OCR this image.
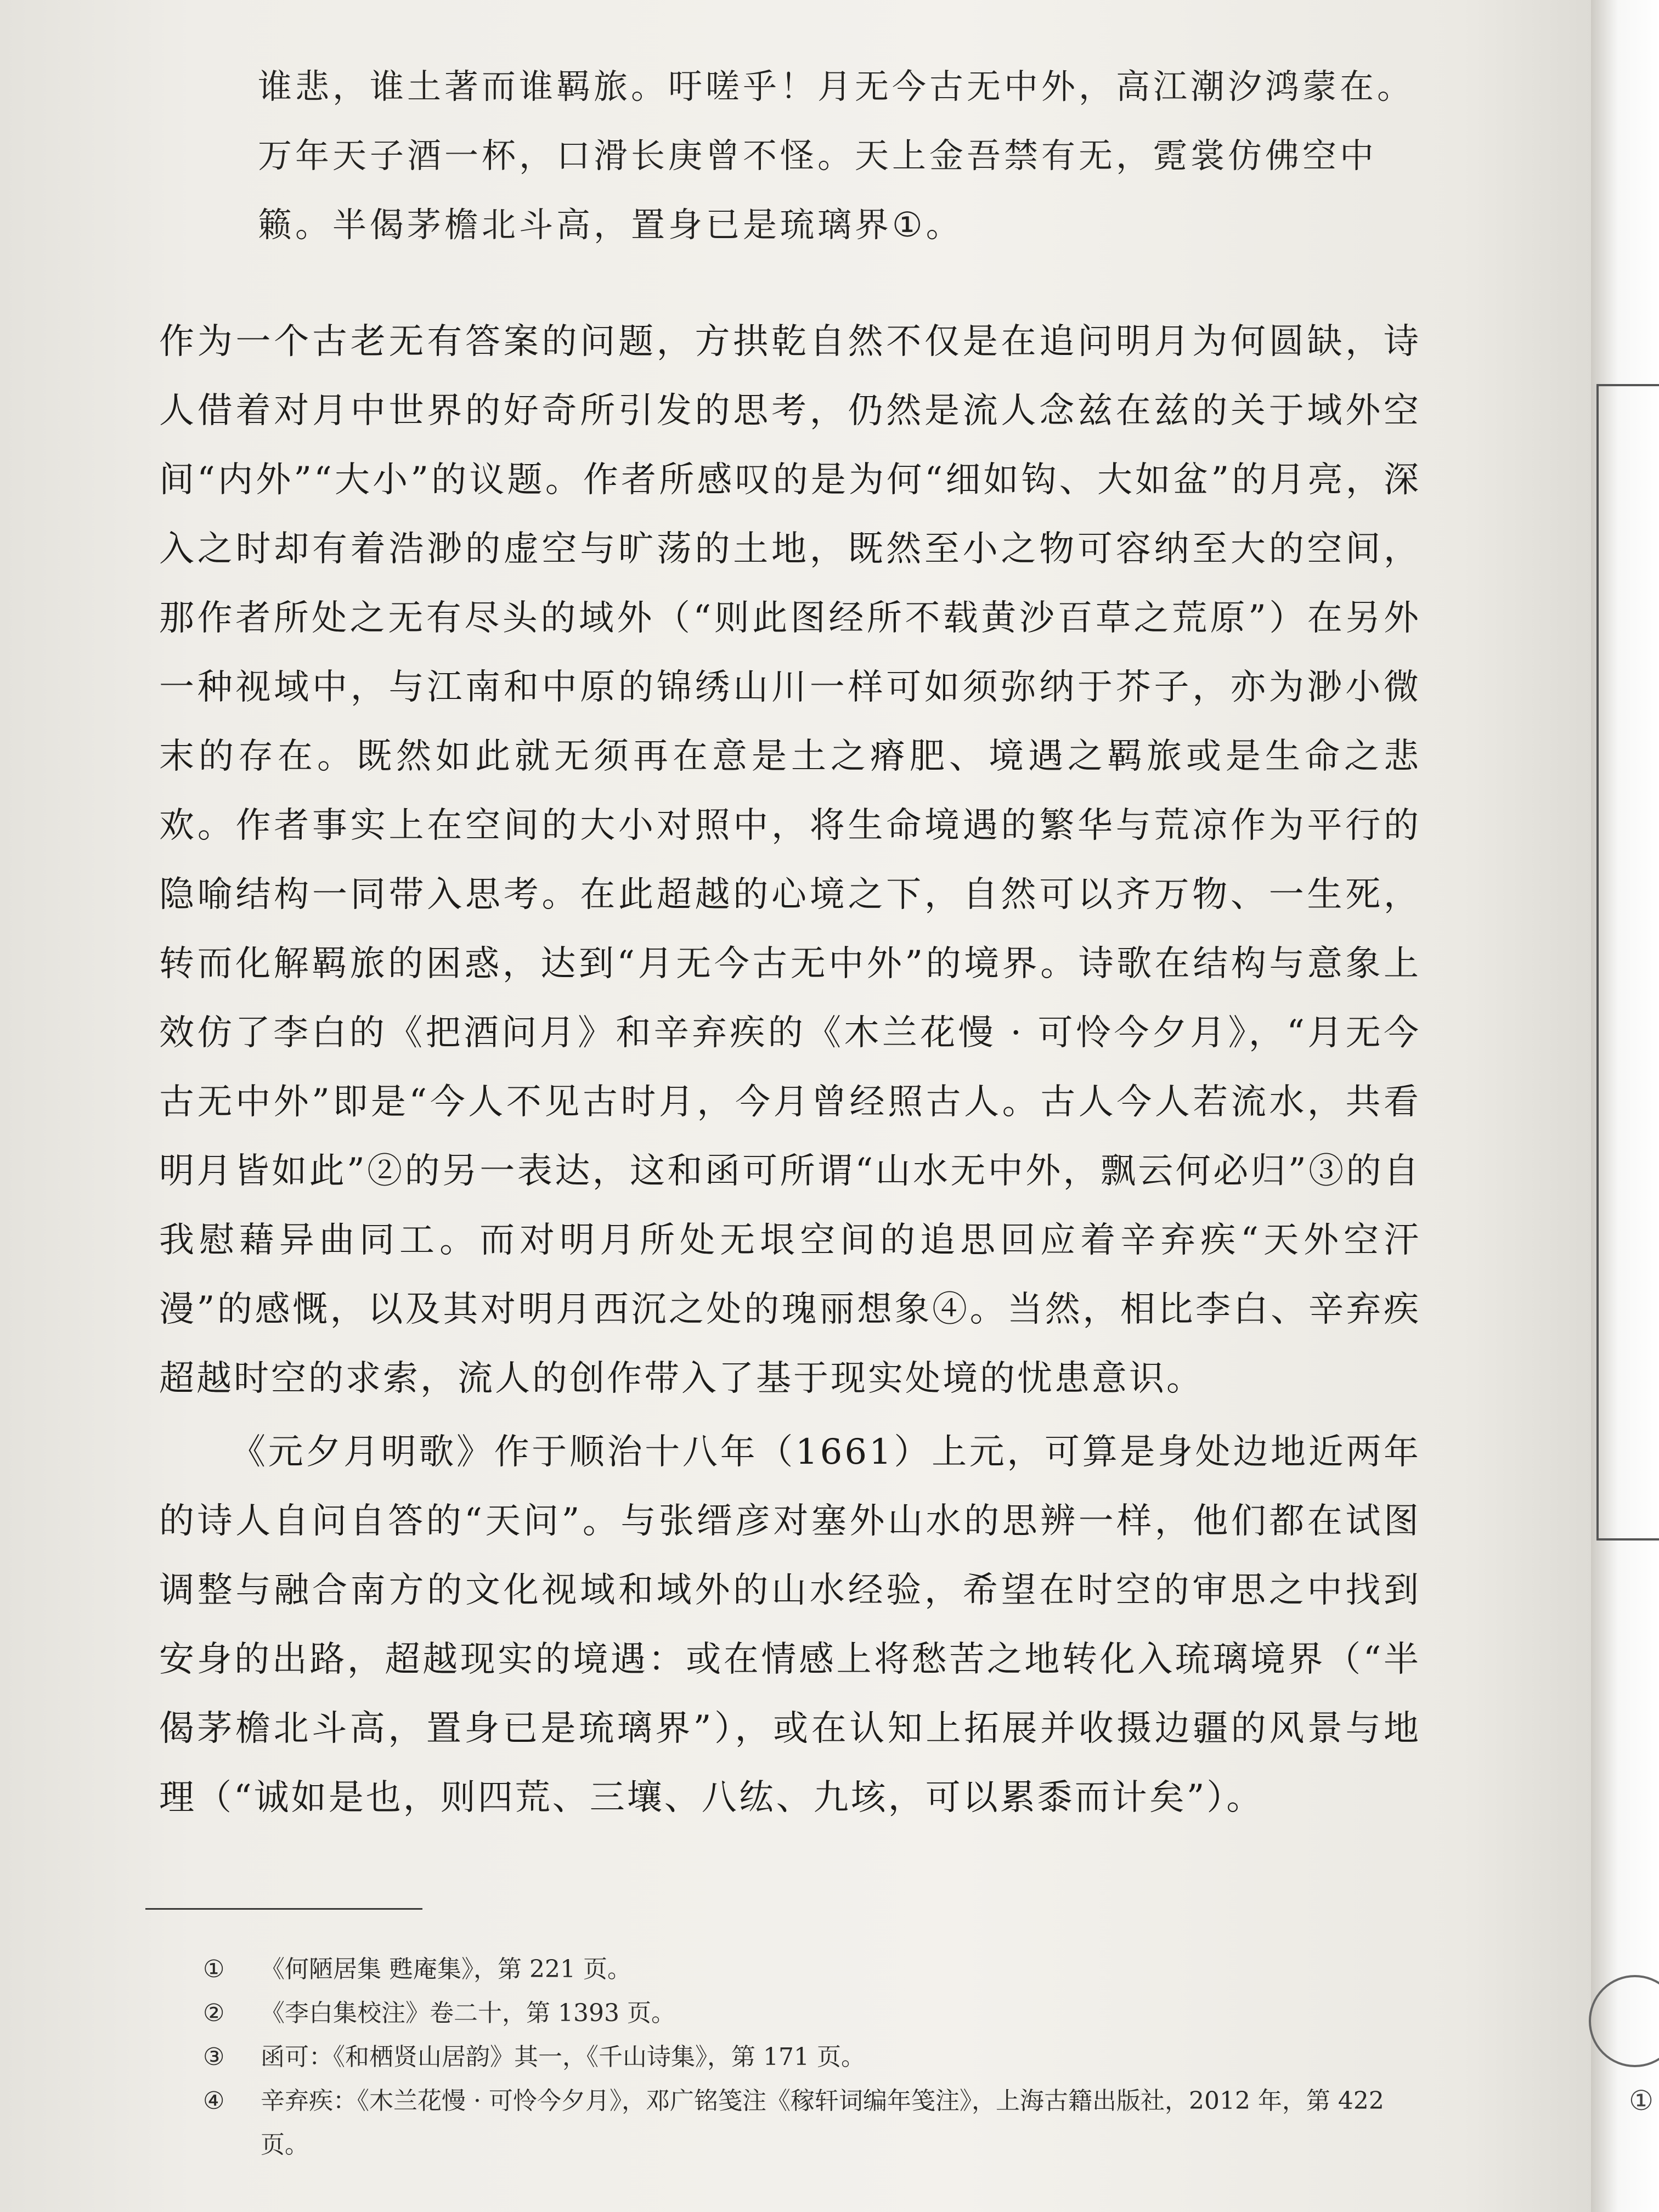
谁悲，谁土著而谁羁旅。吁嗟乎！月无今古无中外，高江潮汐鸿蒙在。

万年天子酒一杯，口滑长庚曾不怪。天上金吾禁有无，霓裳仿佛空中

籁。半偈茅檐北斗高，置身已是琉璃界①。

作为一个古老无有答案的问题，方拱乾自然不仅是在追问明月为何圆缺，诗人借着对月中世界的好奇所引发的思考，仍然是流人念兹在兹的关于域外空间“内外”“大小”的议题。作者所感叹的是为何“细如钩、大如盆”的月亮，深入之时却有着浩渺的虚空与旷荡的土地，既然至小之物可容纳至大的空间，那作者所处之无有尽头的域外（“则此图经所不载黄沙百草之荒原”）在另外一种视域中，与江南和中原的锦绣山川一样可如须弥纳于芥子，亦为渺小微末的存在。既然如此就无须再在意是土之瘠肥、境遇之羁旅或是生命之悲欢。作者事实上在空间的大小对照中，将生命境遇的繁华与荒凉作为平行的隐喻结构一同带入思考。在此超越的心境之下，自然可以齐万物、一生死，转而化解羁旅的困惑，达到“月无今古无中外”的境界。诗歌在结构与意象上效仿了李白的《把酒问月》和辛弃疾的《木兰花慢 · 可怜今夕月》，“月无今古无中外”即是“今人不见古时月，今月曾经照古人。古人今人若流水，共看明月皆如此”②的另一表达，这和函可所谓“山水无中外，飘云何必归”③的自我慰藉异曲同工。而对明月所处无垠空间的追思回应着辛弃疾“天外空汗漫”的感慨，以及其对明月西沉之处的瑰丽想象④。当然，相比李白、辛弃疾超越时空的求索，流人的创作带入了基于现实处境的忧患意识。

《元夕月明歌》作于顺治十八年（1661）上元，可算是身处边地近两年的诗人自问自答的“天问”。与张缙彦对塞外山水的思辨一样，他们都在试图调整与融合南方的文化视域和域外的山水经验，希望在时空的审思之中找到安身的出路，超越现实的境遇：或在情感上将愁苦之地转化入琉璃境界（“半偈茅檐北斗高，置身已是琉璃界”），或在认知上拓展并收摄边疆的风景与地理（“诚如是也，则四荒、三壤、八纮、九垓，可以累黍而计矣”）。

①	《何陋居集 甦庵集》，第 221 页。
②	《李白集校注》卷二十，第 1393 页。
③	函可：《和栖贤山居韵》其一，《千山诗集》，第 171 页。
④	辛弃疾：《木兰花慢 · 可怜今夕月》，邓广铭笺注《稼轩词编年笺注》，上海古籍出版社，2012 年，第 422 页。
①
